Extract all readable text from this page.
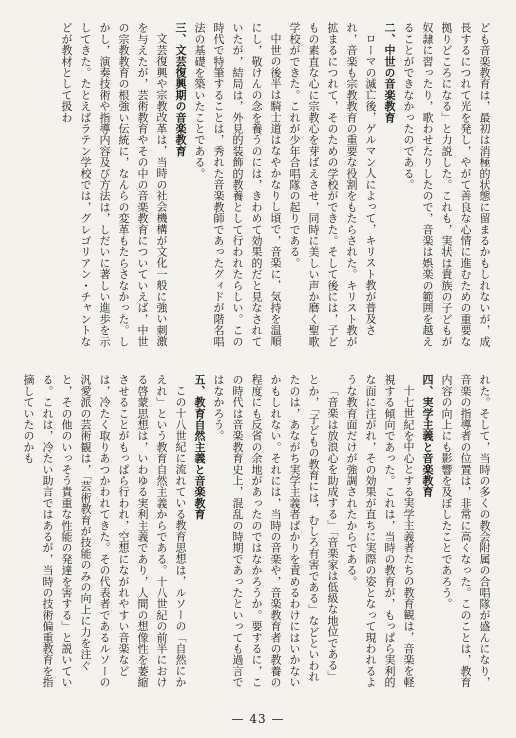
ども音楽教育は，最初は消極的状態に留まるかもしれないが，成長するにつれて光を発し，やがて善良な心情に進むための重要な拠りどころになる」と力説した。これも，実状は貴族の子どもが奴隷に習ったり，歌わせたりしたので，音楽は娯楽の範囲を越えることができなかったのである。

二、中世の音楽教育

ローマの滅亡後，ゲルマン人によって，キリスト教が普及され，音楽も宗教教育の重要な役割をもたらされた。キリスト教が拡まるにつれて，そのための学校ができた。そして後には，子どもの素直な心に宗教心を芽ばえさせ，同時に美しい声か磨く聖歌学校ができた。これが少年合唱隊の起りである。

中世の後半は騎士道はなやかなりし頃で，音楽に，気持を温順にし，敬けんの念を養うのには，きわめて効果的だと見なされていたが，結局は，外見的装飾的教養として行われたらしい。この時代で特筆することは，秀れた音楽教師であったグィドが階名唱法の基礎を築いたことである。

三、文芸復興期の音楽教育

文芸復興や宗教改革は，当時の社会機構が文化一般に強い刺激を与えたが，芸術教育やその中の音楽教育についていえば，中世の宗教教育の根強い伝統に，なんらの変革もたらさなかった。しかし，演奏技術や指導内容及び方法は，しだいに著しい進歩を示してきた。たとえばラテン学校では，グレゴリアン・チャントなどが教材として扱わ

れた。そして，当時の多くの教会附属の合唱隊が盛んになり，音楽の指導者の位置は，非常に高くなった。このことは，教育内容の向上にも影響を及ぼしたことであろう。

四、実学主義と音楽教育

十七世紀を中心とする実学主義者たちの教育観は，音楽を軽視する傾向であった。これは，当時の教育が，もっぱら実利的な面に注がれ，その効果が直ちに実際の姿となって現われるような教育面だけが強調されたからである。

「音楽は放浪心を助成する」「音楽家は低級な地位である」とか，「子どもの教育には，むしろ有害である」などといわれたのは，あながち実学主義者ばかりを責めるわけにはいかないかもしれない。それには，当時の音楽や，音楽教育者の教養の程度にも反省の余地があったのではなかろうか。要するに，この時代は音楽教育史上，混乱の時期であったといっても過言ではなかろう。

五、教育自然主義と音楽教育

この十八世紀に流れている教育思想は，ルソーの「自然にかえれ」という教育自然主義からである。十八世紀の前半における啓蒙思想は，いわゆる実利主義であり，人間の想像性を萎縮させることがもっぱら行われ，空想にながれやすい音楽などは，冷たく取りあつかわれてきた。その代表者であるルソーの汎愛派の芸術観は，「芸術教育が技能のみの向上に力を注ぐと，その他のいっそう貴重な性能の発達を害する」と説いている。これは，冷たい助言ではあるが，当時の技術偏重教育を指摘していたのかも

— 43 —
